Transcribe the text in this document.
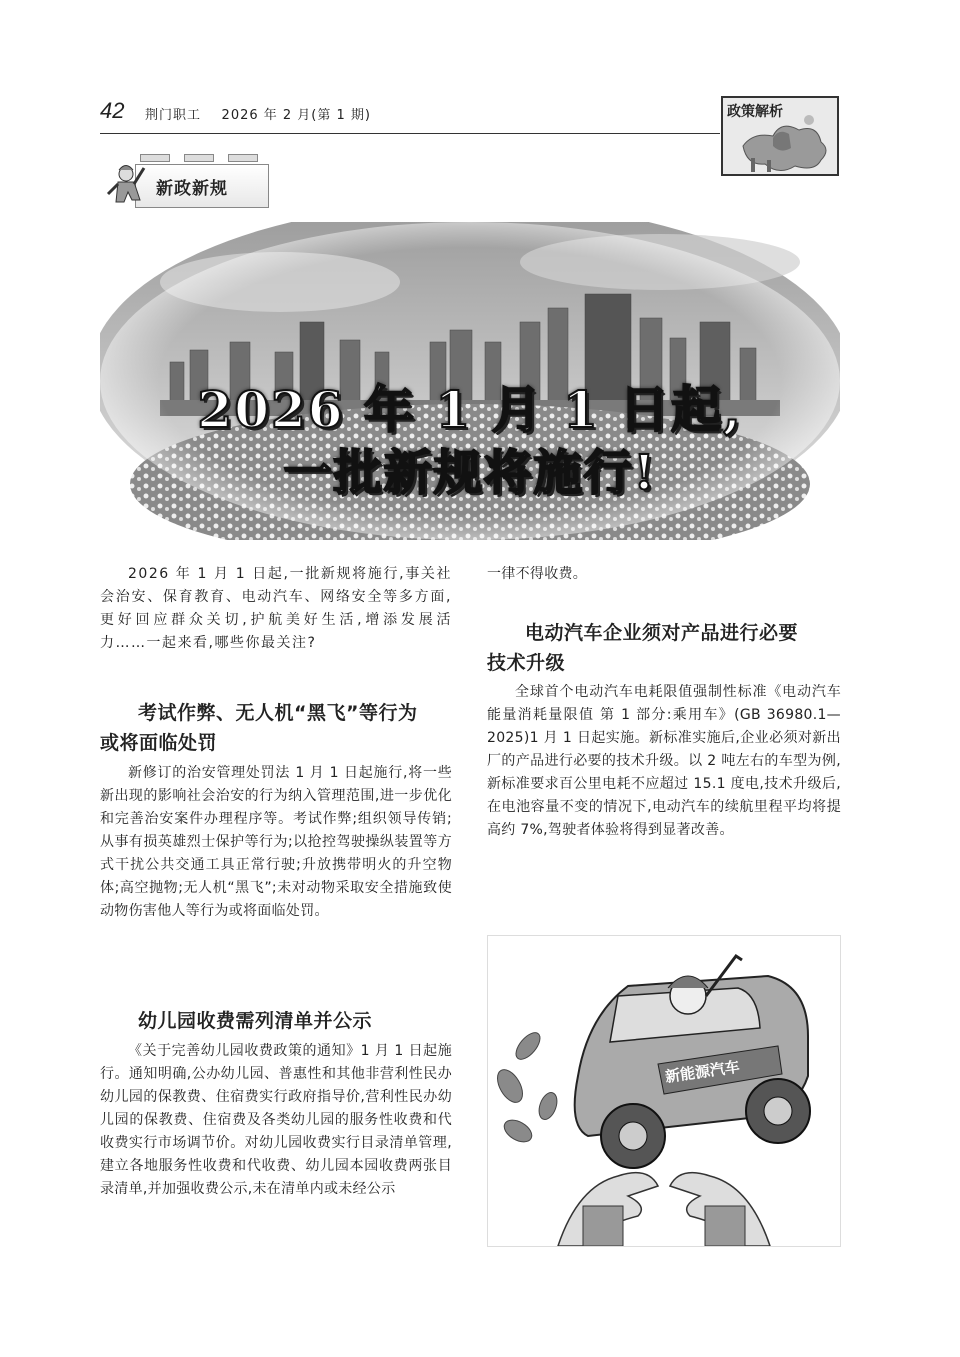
42 荆门职工 2026 年 2 月(第 1 期)	政策解析
新政新规
2026 年 1 月 1 日起,
一批新规将施行!

2026 年 1 月 1 日起,一批新规将施行,事关社会治安、保育教育、电动汽车、网络安全等多方面,更好回应群众关切,护航美好生活,增添发展活力……一起来看,哪些你最关注?

考试作弊、无人机“黑飞”等行为
或将面临处罚

新修订的治安管理处罚法 1 月 1 日起施行,将一些新出现的影响社会治安的行为纳入管理范围,进一步优化和完善治安案件办理程序等。考试作弊;组织领导传销;从事有损英雄烈士保护等行为;以抢控驾驶操纵装置等方式干扰公共交通工具正常行驶;升放携带明火的升空物体;高空抛物;无人机“黑飞”;未对动物采取安全措施致使动物伤害他人等行为或将面临处罚。

幼儿园收费需列清单并公示

《关于完善幼儿园收费政策的通知》1 月 1 日起施行。通知明确,公办幼儿园、普惠性和其他非营利性民办幼儿园的保教费、住宿费实行政府指导价,营利性民办幼儿园的保教费、住宿费及各类幼儿园的服务性收费和代收费实行市场调节价。对幼儿园收费实行目录清单管理,建立各地服务性收费和代收费、幼儿园本园收费两张目录清单,并加强收费公示,未在清单内或未经公示

一律不得收费。

电动汽车企业须对产品进行必要
技术升级

全球首个电动汽车电耗限值强制性标准《电动汽车能量消耗量限值 第 1 部分:乘用车》(GB 36980.1—2025)1 月 1 日起实施。新标准实施后,企业必须对新出厂的产品进行必要的技术升级。以 2 吨左右的车型为例,新标准要求百公里电耗不应超过 15.1 度电,技术升级后,在电池容量不变的情况下,电动汽车的续航里程平均将提高约 7%,驾驶者体验将得到显著改善。

新能源汽车
